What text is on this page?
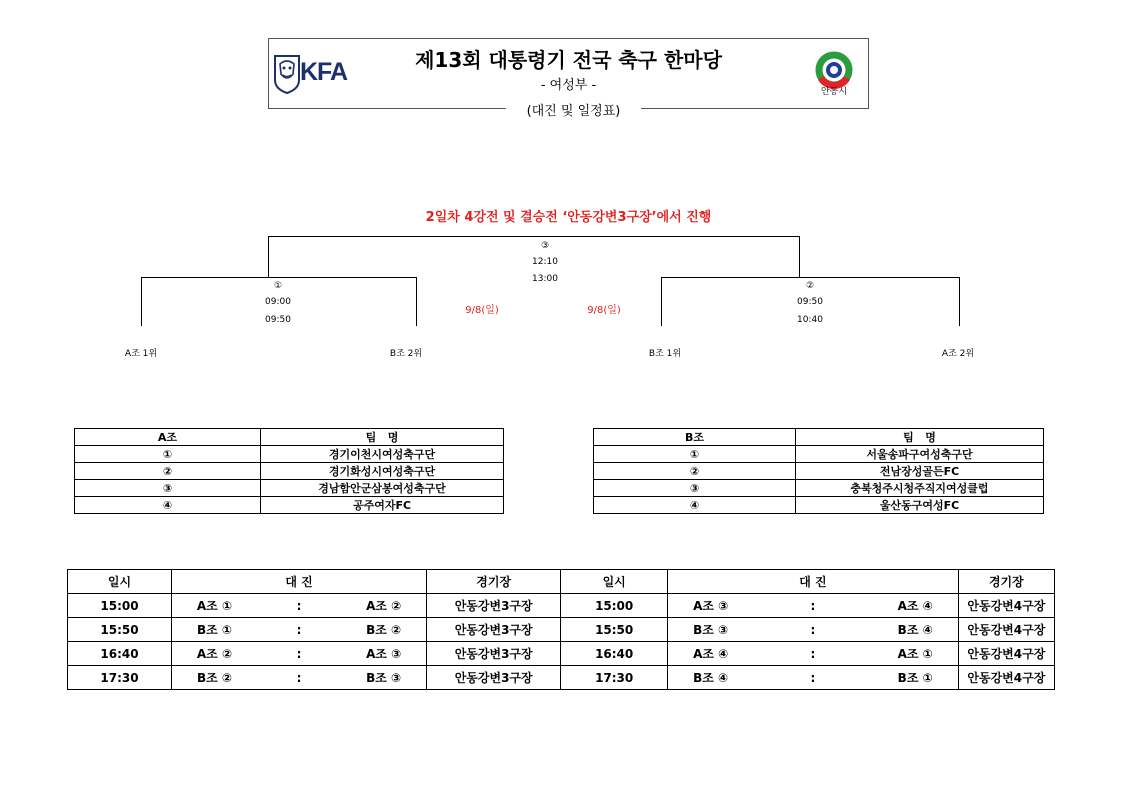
KFA	제13회 대통령기 전국 축구 한마당
- 여성부 -
(대진 및 일정표)
안동시
2일차 4강전 및 결승전 ‘안동강변3구장’에서 진행
③
12:10
13:00
①
09:00
09:50
②
09:50
10:40
9/8(일)	9/8(일)
A조 1위	B조 2위	B조 1위	A조 2위
A조	팀   명
①	경기이천시여성축구단
②	경기화성시여성축구단
③	경남함안군삼봉여성축구단
④	공주여자FC
B조	팀   명
①	서울송파구여성축구단
②	전남장성골든FC
③	충북청주시청주직지여성클럽
④	울산동구여성FC
일시	대 진			경기장	일시	대 진			경기장
15:00	A조 ①	:	A조 ②	안동강변3구장	15:00	A조 ③	:	A조 ④	안동강변4구장
15:50	B조 ①	:	B조 ②	안동강변3구장	15:50	B조 ③	:	B조 ④	안동강변4구장
16:40	A조 ②	:	A조 ③	안동강변3구장	16:40	A조 ④	:	A조 ①	안동강변4구장
17:30	B조 ②	:	B조 ③	안동강변3구장	17:30	B조 ④	:	B조 ①	안동강변4구장
